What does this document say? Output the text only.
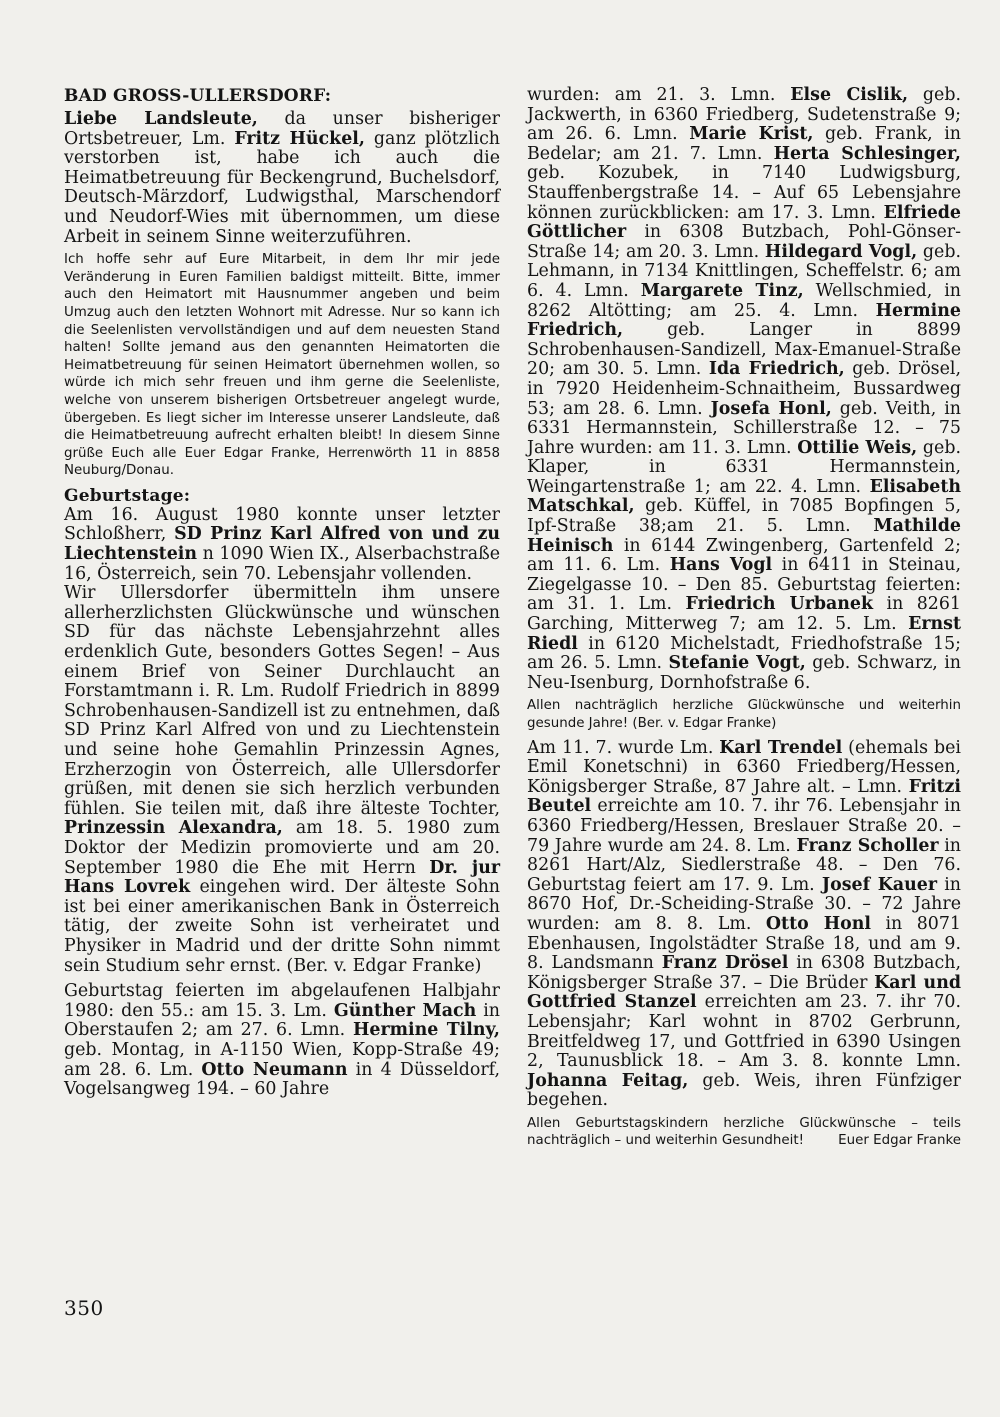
BAD GROSS-ULLERSDORF:

Liebe Landsleute, da unser bisheriger Ortsbetreuer, Lm. Fritz Hückel, ganz plötzlich verstorben ist, habe ich auch die Heimatbetreuung für Beckengrund, Buchelsdorf, Deutsch-Märzdorf, Ludwigsthal, Marschendorf und Neudorf-Wies mit übernommen, um diese Arbeit in seinem Sinne weiterzuführen.

Ich hoffe sehr auf Eure Mitarbeit, in dem Ihr mir jede Veränderung in Euren Familien baldigst mitteilt. Bitte, immer auch den Heimatort mit Hausnummer angeben und beim Umzug auch den letzten Wohnort mit Adresse. Nur so kann ich die Seelenlisten vervollständigen und auf dem neuesten Stand halten! Sollte jemand aus den genannten Heimatorten die Heimatbetreuung für seinen Heimatort übernehmen wollen, so würde ich mich sehr freuen und ihm gerne die Seelenliste, welche von unserem bisherigen Ortsbetreuer angelegt wurde, übergeben. Es liegt sicher im Interesse unserer Landsleute, daß die Heimatbetreuung aufrecht erhalten bleibt! In diesem Sinne grüße Euch alle Euer Edgar Franke, Herrenwörth 11 in 8858 Neuburg/Donau.

Geburtstage:

Am 16. August 1980 konnte unser letzter Schloßherr, SD Prinz Karl Alfred von und zu Liechtenstein n 1090 Wien IX., Alserbachstraße 16, Österreich, sein 70. Lebensjahr vollenden.

Wir Ullersdorfer übermitteln ihm unsere allerherzlichsten Glückwünsche und wünschen SD für das nächste Lebensjahrzehnt alles erdenklich Gute, besonders Gottes Segen! – Aus einem Brief von Seiner Durchlaucht an Forstamtmann i. R. Lm. Rudolf Friedrich in 8899 Schrobenhausen-Sandizell ist zu entnehmen, daß SD Prinz Karl Alfred von und zu Liechtenstein und seine hohe Gemahlin Prinzessin Agnes, Erzherzogin von Österreich, alle Ullersdorfer grüßen, mit denen sie sich herzlich verbunden fühlen. Sie teilen mit, daß ihre älteste Tochter, Prinzessin Alexandra, am 18. 5. 1980 zum Doktor der Medizin promovierte und am 20. September 1980 die Ehe mit Herrn Dr. jur Hans Lovrek eingehen wird. Der älteste Sohn ist bei einer amerikanischen Bank in Österreich tätig, der zweite Sohn ist verheiratet und Physiker in Madrid und der dritte Sohn nimmt sein Studium sehr ernst. (Ber. v. Edgar Franke)

Geburtstag feierten im abgelaufenen Halbjahr 1980: den 55.: am 15. 3. Lm. Günther Mach in Oberstaufen 2; am 27. 6. Lmn. Hermine Tilny, geb. Montag, in A-1150 Wien, Kopp-Straße 49; am 28. 6. Lm. Otto Neumann in 4 Düsseldorf, Vogelsangweg 194. – 60 Jahre

wurden: am 21. 3. Lmn. Else Cislik, geb. Jackwerth, in 6360 Friedberg, Sudetenstraße 9; am 26. 6. Lmn. Marie Krist, geb. Frank, in Bedelar; am 21. 7. Lmn. Herta Schlesinger, geb. Kozubek, in 7140 Ludwigsburg, Stauffenbergstraße 14. – Auf 65 Lebensjahre können zurückblicken: am 17. 3. Lmn. Elfriede Göttlicher in 6308 Butzbach, Pohl-Gönser-Straße 14; am 20. 3. Lmn. Hildegard Vogl, geb. Lehmann, in 7134 Knittlingen, Scheffelstr. 6; am 6. 4. Lmn. Margarete Tinz, Wellschmied, in 8262 Altötting; am 25. 4. Lmn. Hermine Friedrich, geb. Langer in 8899 Schrobenhausen-Sandizell, Max-Emanuel-Straße 20; am 30. 5. Lmn. Ida Friedrich, geb. Drösel, in 7920 Heidenheim-Schnaitheim, Bussardweg 53; am 28. 6. Lmn. Josefa Honl, geb. Veith, in 6331 Hermannstein, Schillerstraße 12. – 75 Jahre wurden: am 11. 3. Lmn. Ottilie Weis, geb. Klaper, in 6331 Hermannstein, Weingartenstraße 1; am 22. 4. Lmn. Elisabeth Matschkal, geb. Küffel, in 7085 Bopfingen 5, Ipf-Straße 38;am 21. 5. Lmn. Mathilde Heinisch in 6144 Zwingenberg, Gartenfeld 2; am 11. 6. Lm. Hans Vogl in 6411 in Steinau, Ziegelgasse 10. – Den 85. Geburtstag feierten: am 31. 1. Lm. Friedrich Urbanek in 8261 Garching, Mitterweg 7; am 12. 5. Lm. Ernst Riedl in 6120 Michelstadt, Friedhofstraße 15; am 26. 5. Lmn. Stefanie Vogt, geb. Schwarz, in Neu-Isenburg, Dornhofstraße 6.

Allen nachträglich herzliche Glückwünsche und weiterhin gesunde Jahre! (Ber. v. Edgar Franke)

Am 11. 7. wurde Lm. Karl Trendel (ehemals bei Emil Konetschni) in 6360 Friedberg/Hessen, Königsberger Straße, 87 Jahre alt. – Lmn. Fritzi Beutel erreichte am 10. 7. ihr 76. Lebensjahr in 6360 Friedberg/Hessen, Breslauer Straße 20. – 79 Jahre wurde am 24. 8. Lm. Franz Scholler in 8261 Hart/Alz, Siedlerstraße 48. – Den 76. Geburtstag feiert am 17. 9. Lm. Josef Kauer in 8670 Hof, Dr.-Scheiding-Straße 30. – 72 Jahre wurden: am 8. 8. Lm. Otto Honl in 8071 Ebenhausen, Ingolstädter Straße 18, und am 9. 8. Landsmann Franz Drösel in 6308 Butzbach, Königsberger Straße 37. – Die Brüder Karl und Gottfried Stanzel erreichten am 23. 7. ihr 70. Lebensjahr; Karl wohnt in 8702 Gerbrunn, Breitfeldweg 17, und Gottfried in 6390 Usingen 2, Taunusblick 18. – Am 3. 8. konnte Lmn. Johanna Feitag, geb. Weis, ihren Fünfziger begehen.

Allen Geburtstagskindern herzliche Glückwünsche – teils nachträglich – und weiterhin Gesundheit!	Euer Edgar Franke

350
